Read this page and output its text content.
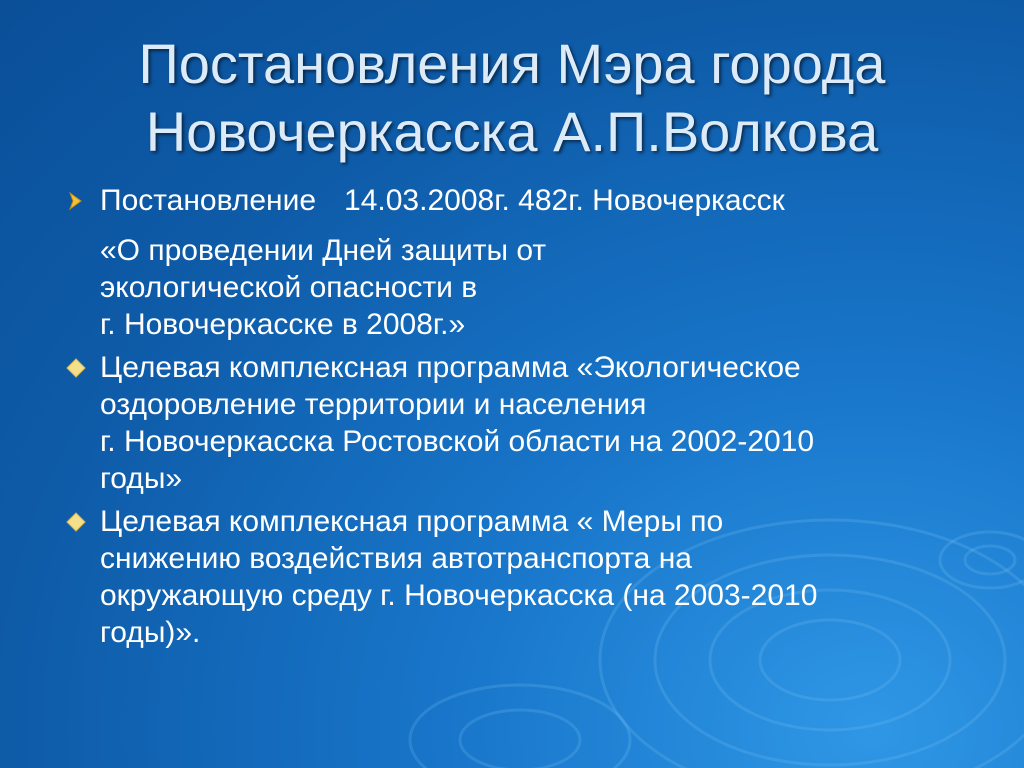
Постановления Мэра города
Новочеркасска А.П.Волкова
Постановление 14.03.2008г. 482г. Новочеркасск
«О проведении Дней защиты от
экологической опасности в
г. Новочеркасске в 2008г.»
Целевая комплексная программа «Экологическое
оздоровление территории и населения
г. Новочеркасска Ростовской области на 2002-2010
годы»
Целевая комплексная программа « Меры по
снижению воздействия автотранспорта на
окружающую среду г. Новочеркасска (на 2003-2010
годы)».
